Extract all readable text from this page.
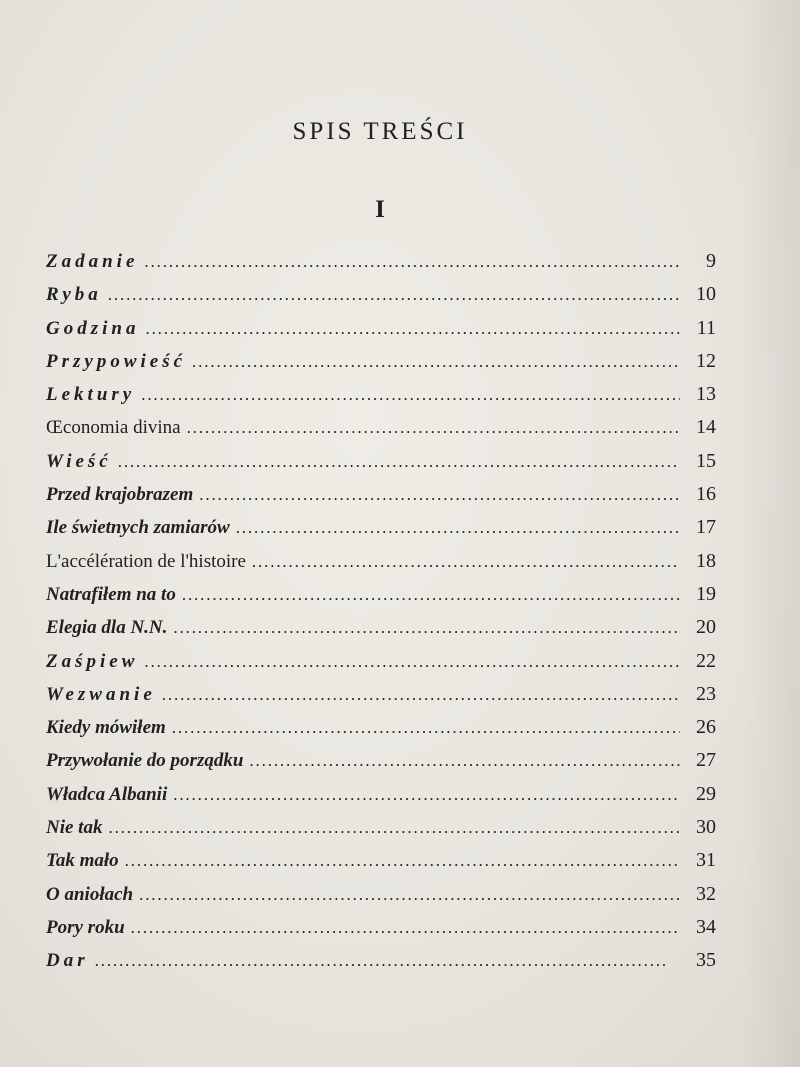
SPIS TREŚCI
I
Zadanie . . .	9
Ryba . . .	10
Godzina . . .	11
Przypowieść . . .	12
Lektury . . .	13
Œconomia divina . . .	14
Wieść . . .	15
Przed krajobrazem . . .	16
Ile świetnych zamiarów . . .	17
L'accélération de l'histoire . . .	18
Natrafiłem na to . . .	19
Elegia dla N.N. . . .	20
Zaśpiew . . .	22
Wezwanie . . .	23
Kiedy mówiłem . . .	26
Przywołanie do porządku . . .	27
Władca Albanii . . .	29
Nie tak . . .	30
Tak mało . . .	31
O aniołach . . .	32
Pory roku . . .	34
Dar . . .	35
